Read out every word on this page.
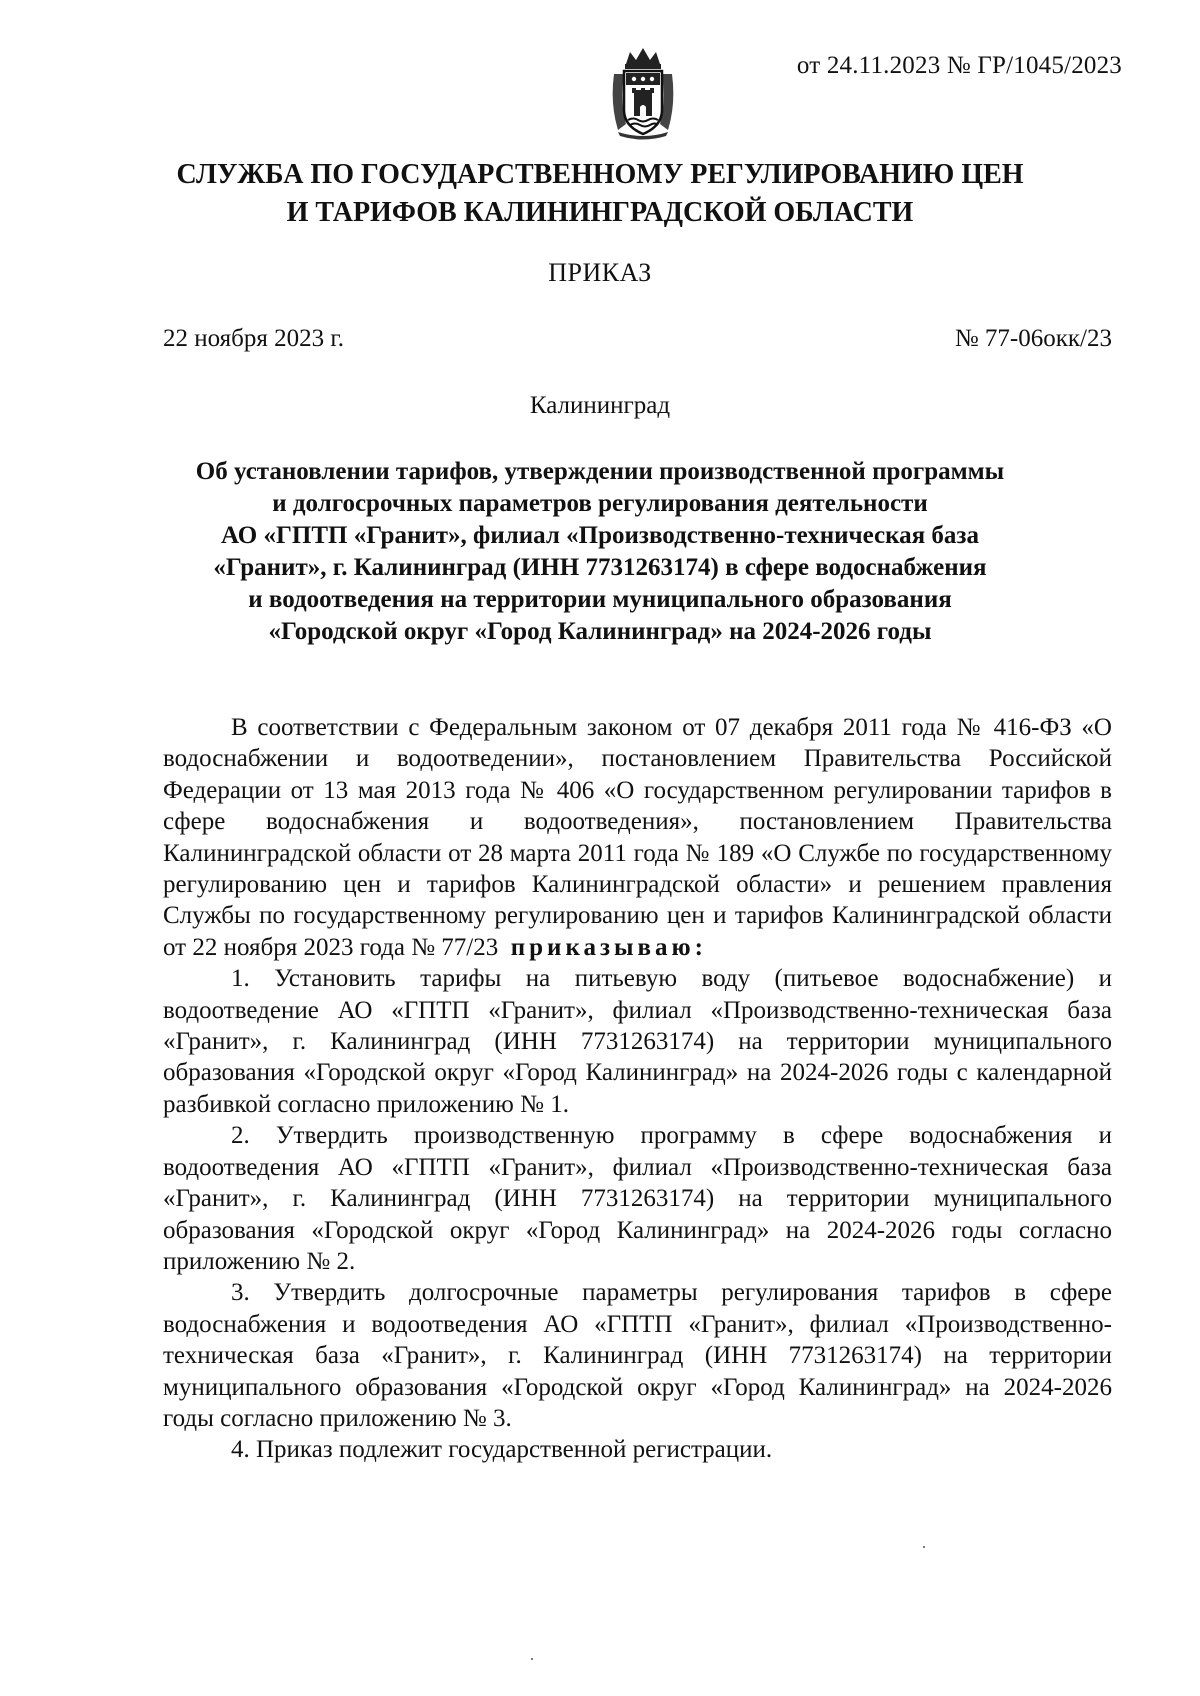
от 24.11.2023 № ГР/1045/2023
СЛУЖБА ПО ГОСУДАРСТВЕННОМУ РЕГУЛИРОВАНИЮ ЦЕН
И ТАРИФОВ КАЛИНИНГРАДСКОЙ ОБЛАСТИ
ПРИКАЗ
22 ноября 2023 г.	№ 77-06окк/23
Калининград
Об установлении тарифов, утверждении производственной программы
и долгосрочных параметров регулирования деятельности
АО «ГПТП «Гранит», филиал «Производственно-техническая база
«Гранит», г. Калининград (ИНН 7731263174) в сфере водоснабжения
и водоотведения на территории муниципального образования
«Городской округ «Город Калининград» на 2024-2026 годы

В соответствии с Федеральным законом от 07 декабря 2011 года № 416-ФЗ «О водоснабжении и водоотведении», постановлением Правительства Российской Федерации от 13 мая 2013 года № 406 «О государственном регулировании тарифов в сфере водоснабжения и водоотведения», постановлением Правительства Калининградской области от 28 марта 2011 года № 189 «О Службе по государственному регулированию цен и тарифов Калининградской области» и решением правления Службы по государственному регулированию цен и тарифов Калининградской области от 22 ноября 2023 года № 77/23 приказываю:

1. Установить тарифы на питьевую воду (питьевое водоснабжение) и водоотведение АО «ГПТП «Гранит», филиал «Производственно-техническая база «Гранит», г. Калининград (ИНН 7731263174) на территории муниципального образования «Городской округ «Город Калининград» на 2024-2026 годы с календарной разбивкой согласно приложению № 1.

2. Утвердить производственную программу в сфере водоснабжения и водоотведения АО «ГПТП «Гранит», филиал «Производственно-техническая база «Гранит», г. Калининград (ИНН 7731263174) на территории муниципального образования «Городской округ «Город Калининград» на 2024-2026 годы согласно приложению № 2.

3. Утвердить долгосрочные параметры регулирования тарифов в сфере водоснабжения и водоотведения АО «ГПТП «Гранит», филиал «Производственно-техническая база «Гранит», г. Калининград (ИНН 7731263174) на территории муниципального образования «Городской округ «Город Калининград» на 2024-2026 годы согласно приложению № 3.

4. Приказ подлежит государственной регистрации.
